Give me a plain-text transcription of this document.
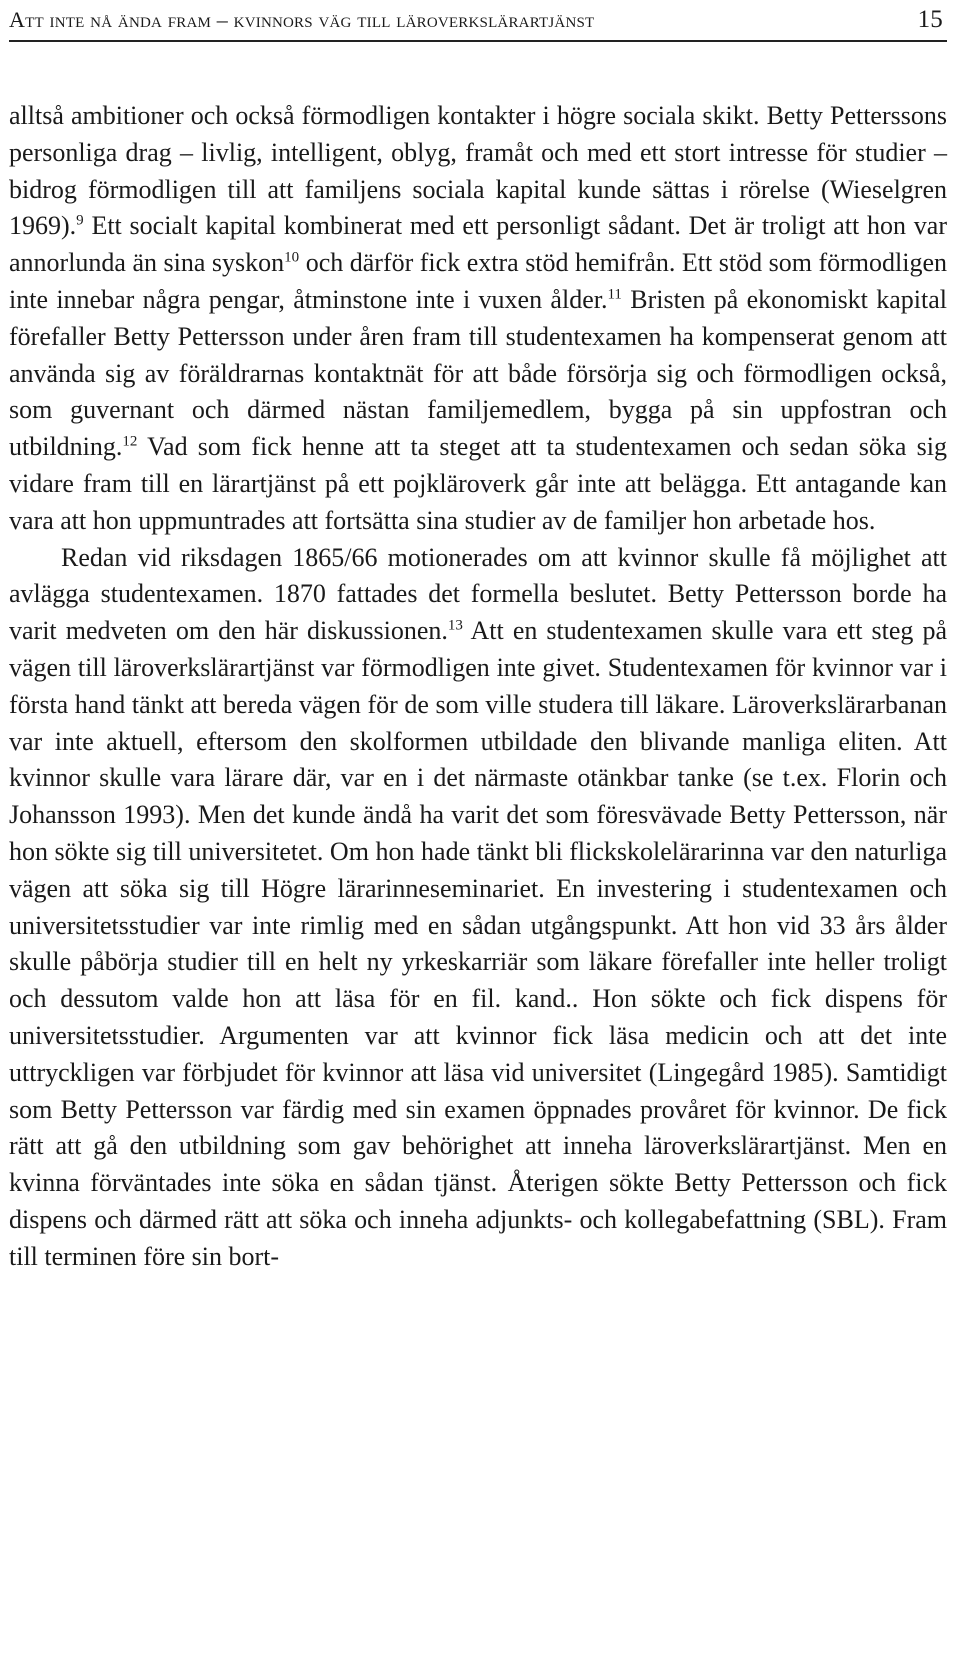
Att inte nå ända fram – kvinnors väg till läroverkslärartjänst	15

alltså ambitioner och också förmodligen kontakter i högre sociala skikt. Betty Petterssons personliga drag – livlig, intelligent, oblyg, framåt och med ett stort intresse för studier – bidrog förmodligen till att familjens sociala kapital kunde sättas i rörelse (Wieselgren 1969).$^9$ Ett socialt kapital kombinerat med ett personligt sådant. Det är troligt att hon var annorlunda än sina syskon$^{10}$ och därför fick extra stöd hemifrån. Ett stöd som förmodligen inte innebar några pengar, åtminstone inte i vuxen ålder.$^{11}$ Bristen på ekonomiskt kapital förefaller Betty Pettersson under åren fram till studentexamen ha kompenserat genom att använda sig av föräldrarnas kontaktnät för att både försörja sig och förmodligen också, som guvernant och därmed nästan familjemedlem, bygga på sin uppfostran och utbildning.$^{12}$ Vad som fick henne att ta steget att ta studentexamen och sedan söka sig vidare fram till en lärartjänst på ett pojkläroverk går inte att belägga. Ett antagande kan vara att hon uppmuntrades att fortsätta sina studier av de familjer hon arbetade hos.

Redan vid riksdagen 1865/66 motionerades om att kvinnor skulle få möjlighet att avlägga studentexamen. 1870 fattades det formella beslutet. Betty Pettersson borde ha varit medveten om den här diskussionen.$^{13}$ Att en studentexamen skulle vara ett steg på vägen till läroverkslärartjänst var förmodligen inte givet. Studentexamen för kvinnor var i första hand tänkt att bereda vägen för de som ville studera till läkare. Läroverkslärarbanan var inte aktuell, eftersom den skolformen utbildade den blivande manliga eliten. Att kvinnor skulle vara lärare där, var en i det närmaste otänkbar tanke (se t.ex. Florin och Johansson 1993). Men det kunde ändå ha varit det som föresvävade Betty Pettersson, när hon sökte sig till universitetet. Om hon hade tänkt bli flickskolelärarinna var den naturliga vägen att söka sig till Högre lärarinneseminariet. En investering i studentexamen och universitetsstudier var inte rimlig med en sådan utgångspunkt. Att hon vid 33 års ålder skulle påbörja studier till en helt ny yrkeskarriär som läkare förefaller inte heller troligt och dessutom valde hon att läsa för en fil. kand.. Hon sökte och fick dispens för universitetsstudier. Argumenten var att kvinnor fick läsa medicin och att det inte uttryckligen var förbjudet för kvinnor att läsa vid universitet (Lingegård 1985). Samtidigt som Betty Pettersson var färdig med sin examen öppnades provåret för kvinnor. De fick rätt att gå den utbildning som gav behörighet att inneha läroverkslärartjänst. Men en kvinna förväntades inte söka en sådan tjänst. Återigen sökte Betty Pettersson och fick dispens och därmed rätt att söka och inneha adjunkts- och kollegabefattning (SBL). Fram till terminen före sin bort-
